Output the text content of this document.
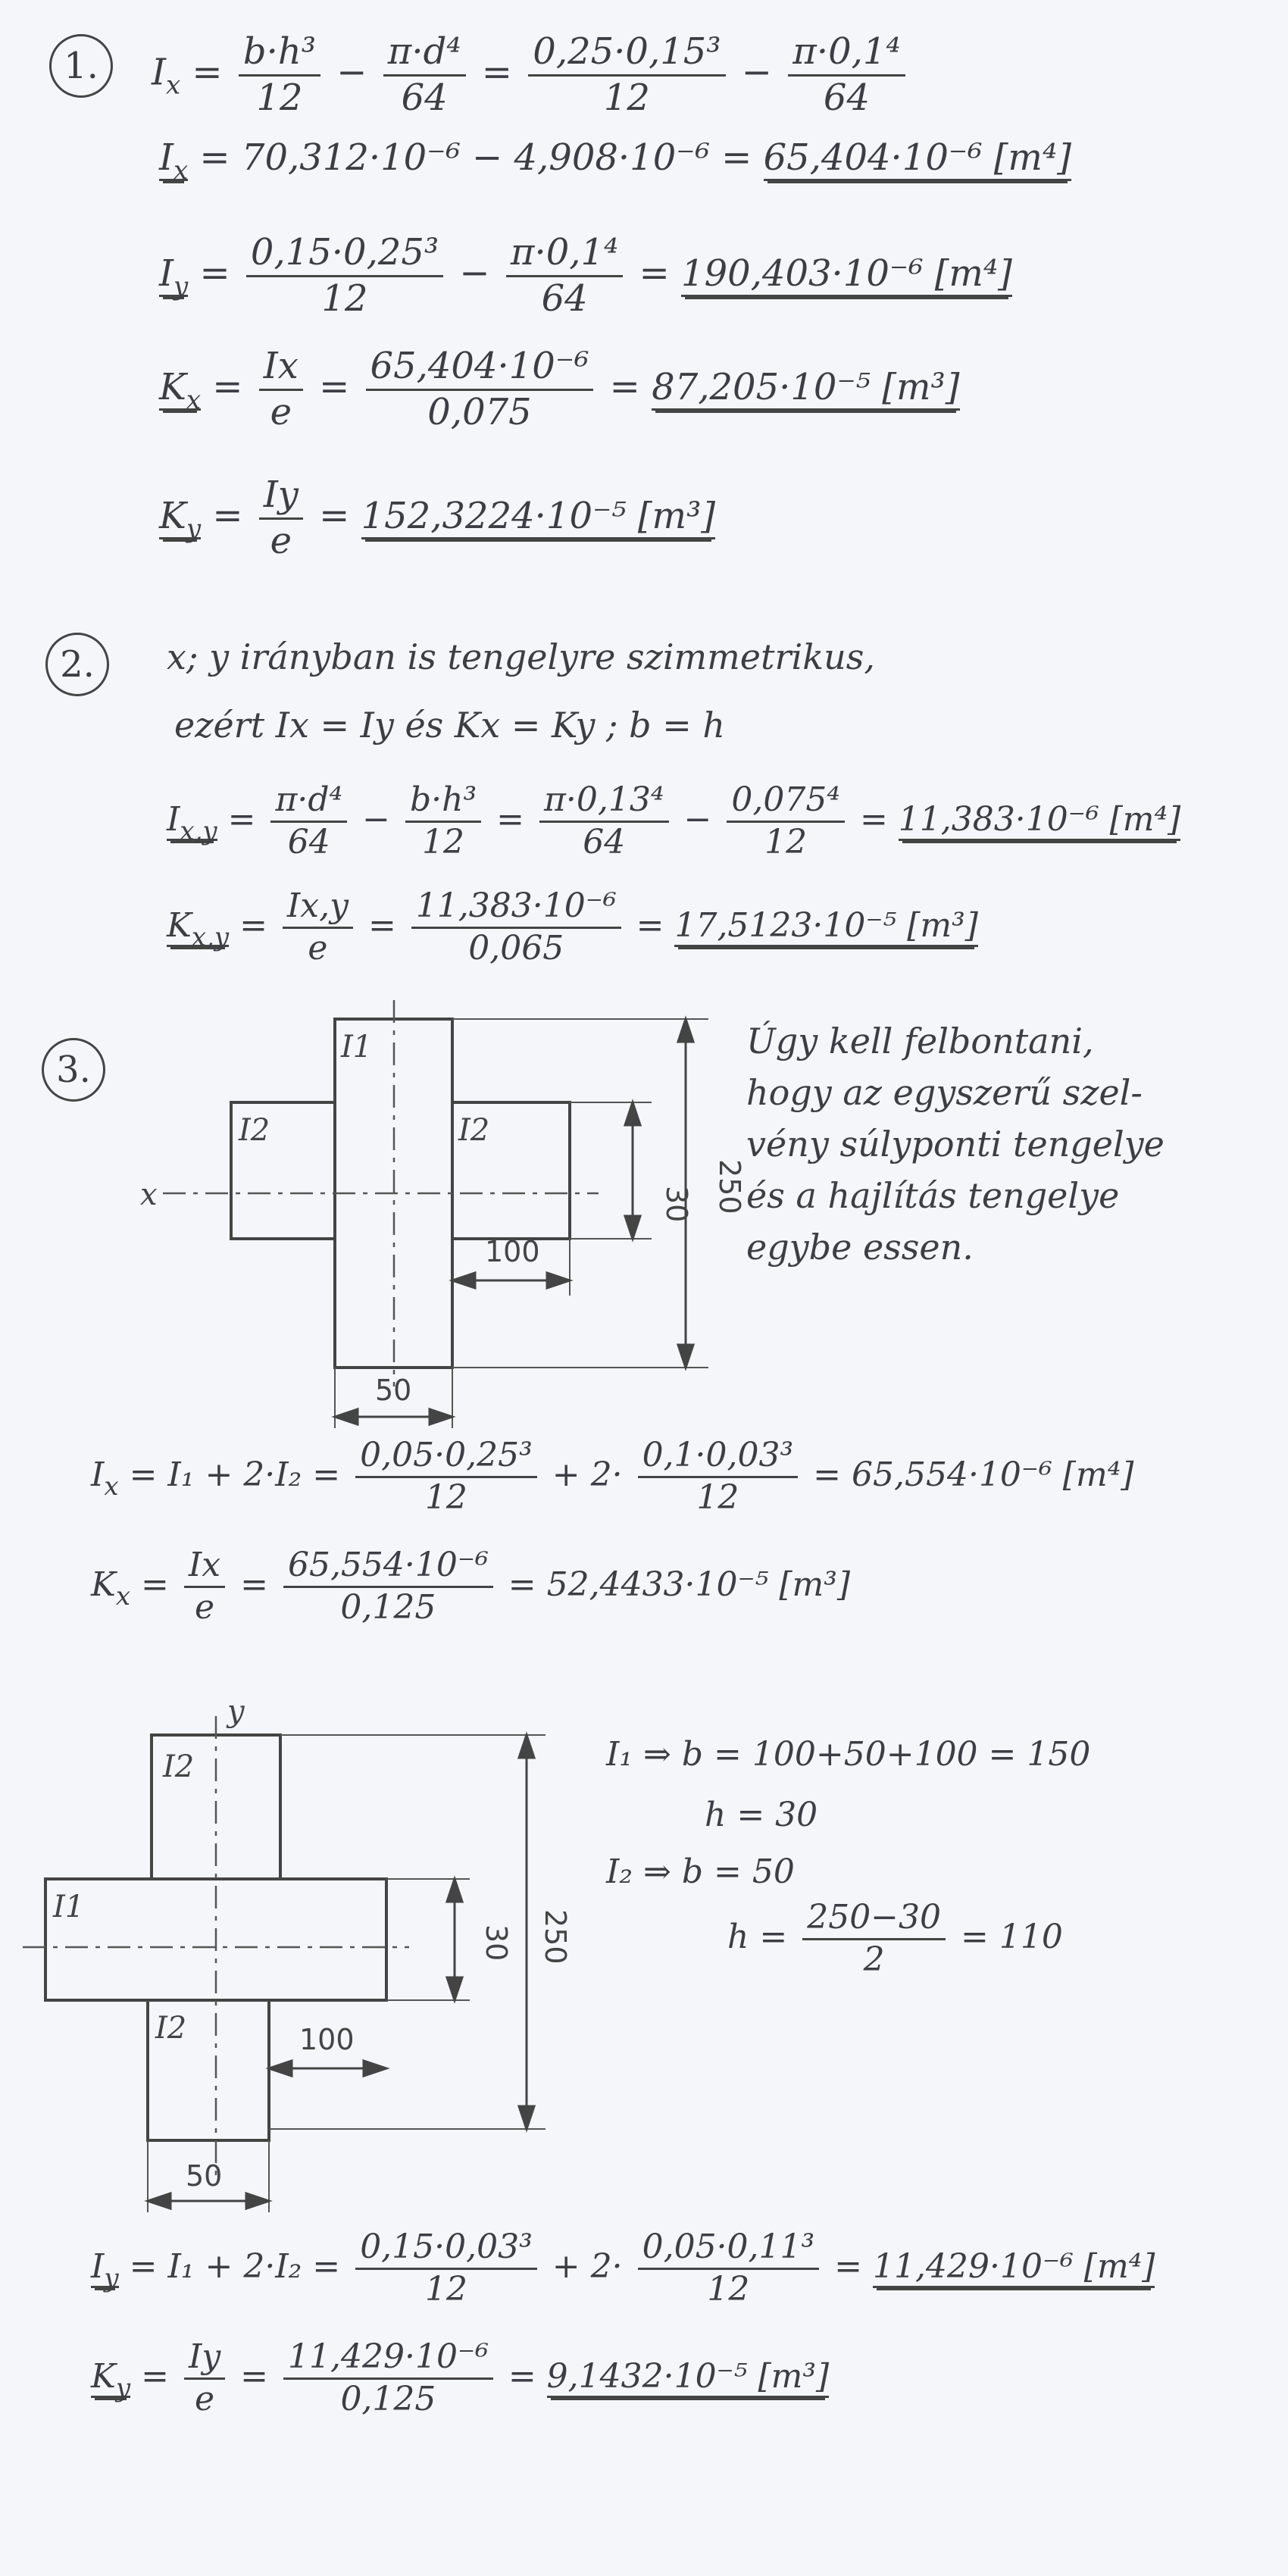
1.	$I_x = \frac{\text{b·h³}}{12} - \frac{\text{π·d⁴}}{64} = \frac{\text{0,25·0,15³}}{12} - \frac{\text{π·0,1⁴}}{64}$
$I_x = 70,312\cdot 10^{-6} - 4,908\cdot 10^{-6} = 65,404\cdot 10^{-6}$ [m⁴]
$I_y = \frac{\text{0,15·0,25³}}{12} - \frac{\text{π·0,1⁴}}{64} = 190,403\cdot 10^{-6}$ [m⁴]
$K_x = \frac{Ix}{e} = \frac{\text{65,404·10⁻⁶}}{0,075} = 87,205\cdot 10^{-5}$ [m³]
$K_y = \frac{Iy}{e} = 152,3224\cdot 10^{-5}$ [m³]
2.	x; y irányban is tengelyre szimmetrikus,
ezért Ix = Iy és Kx = Ky ; b = h
$I_{x,y} = \frac{\text{π·d⁴}}{64} - \frac{\text{b·h³}}{12} = \frac{\text{π·0,13⁴}}{64} - \frac{\text{0,075⁴}}{12} = 11,383\cdot 10^{-6}$ [m⁴]
$K_{x,y} = \frac{Ix,y}{e} = \frac{\text{11,383·10⁻⁶}}{0,065} = 17,5123\cdot 10^{-5}$ [m³]
3.
I1
I2	I2
x	30 250
100
50
Úgy kell felbontani,
hogy az egyszerű szel-
vény súlyponti tengelye
és a hajlítás tengelye
egybe essen.
$I_x = I_1 + 2\cdot I_2 = \frac{\text{0,05·0,25³}}{12} + 2\cdot \frac{\text{0,1·0,03³}}{12} = 65,554\cdot 10^{-6}$ [m⁴]
$K_x = \frac{Ix}{e} = \frac{\text{65,554·10⁻⁶}}{0,125} = 52,4433\cdot 10^{-5}$ [m³]
y
I2
I1
I2
30 250
100
50
I₁ ⇒ b = 100+50+100 = 150
h = 30
I₂ ⇒ b = 50
$h = \frac{250-30}{2} = 110$
$I_y = I_1 + 2\cdot I_2 = \frac{\text{0,15·0,03³}}{12} + 2\cdot \frac{\text{0,05·0,11³}}{12} = 11,429\cdot 10^{-6}$ [m⁴]
$K_y = \frac{Iy}{e} = \frac{\text{11,429·10⁻⁶}}{0,125} = 9,1432\cdot 10^{-5}$ [m³]
